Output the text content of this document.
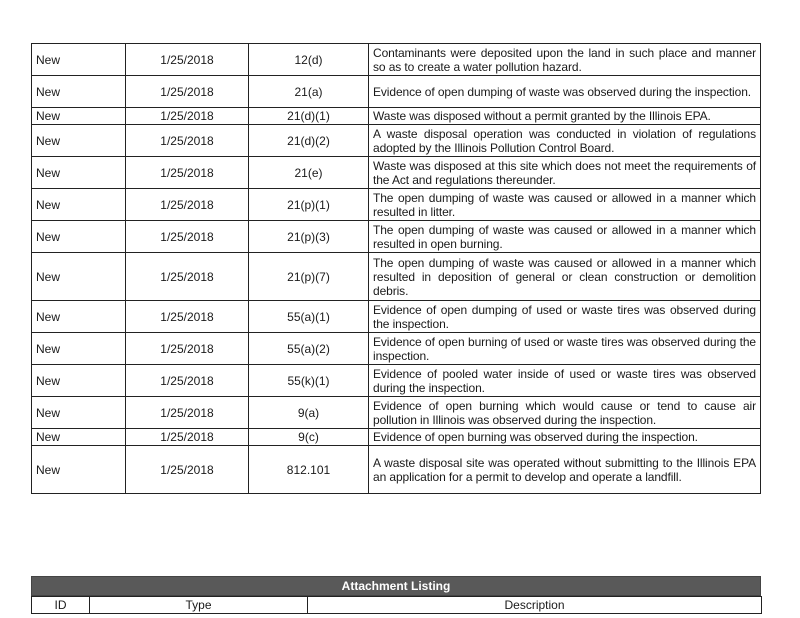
New	1/25/2018	12(d)	Contaminants were deposited upon the land in such place and manner so as to create a water pollution hazard.
New	1/25/2018	21(a)	Evidence of open dumping of waste was observed during the inspection.
New	1/25/2018	21(d)(1)	Waste was disposed without a permit granted by the Illinois EPA.
New	1/25/2018	21(d)(2)	A waste disposal operation was conducted in violation of regulations adopted by the Illinois Pollution Control Board.
New	1/25/2018	21(e)	Waste was disposed at this site which does not meet the requirements of the Act and regulations thereunder.
New	1/25/2018	21(p)(1)	The open dumping of waste was caused or allowed in a manner which resulted in litter.
New	1/25/2018	21(p)(3)	The open dumping of waste was caused or allowed in a manner which resulted in open burning.
New	1/25/2018	21(p)(7)	The open dumping of waste was caused or allowed in a manner which resulted in deposition of general or clean construction or demolition debris.
New	1/25/2018	55(a)(1)	Evidence of open dumping of used or waste tires was observed during the inspection.
New	1/25/2018	55(a)(2)	Evidence of open burning of used or waste tires was observed during the inspection.
New	1/25/2018	55(k)(1)	Evidence of pooled water inside of used or waste tires was observed during the inspection.
New	1/25/2018	9(a)	Evidence of open burning which would cause or tend to cause air pollution in Illinois was observed during the inspection.
New	1/25/2018	9(c)	Evidence of open burning was observed during the inspection.
New	1/25/2018	812.101	A waste disposal site was operated without submitting to the Illinois EPA an application for a permit to develop and operate a landfill.
Attachment Listing
ID	Type	Description
